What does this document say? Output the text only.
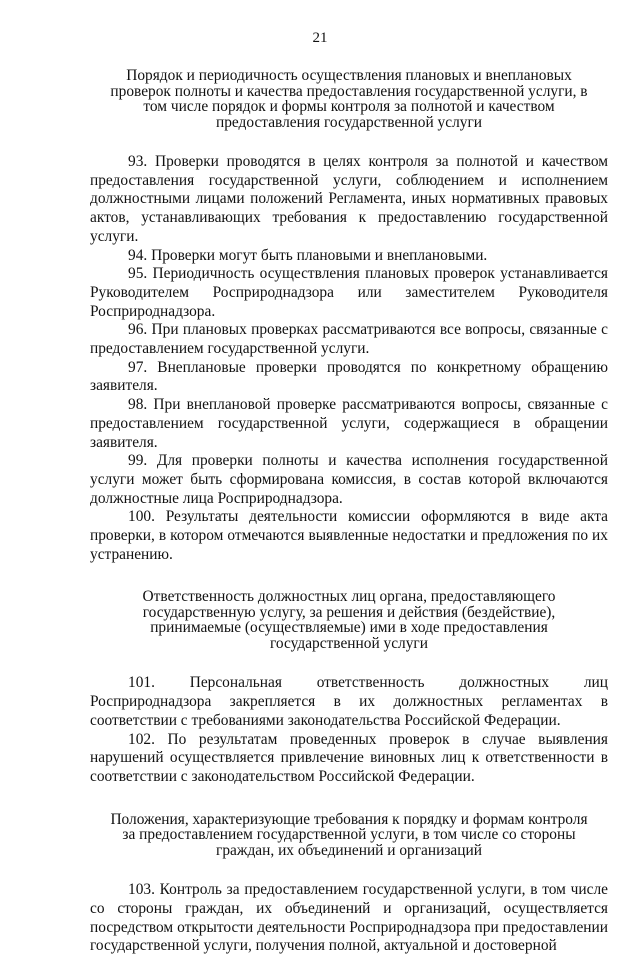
21
Порядок и периодичность осуществления плановых и внеплановых проверок полноты и качества предоставления государственной услуги, в том числе порядок и формы контроля за полнотой и качеством предоставления государственной услуги

93. Проверки проводятся в целях контроля за полнотой и качеством предоставления государственной услуги, соблюдением и исполнением должностными лицами положений Регламента, иных нормативных правовых актов, устанавливающих требования к предоставлению государственной услуги.

94. Проверки могут быть плановыми и внеплановыми.

95. Периодичность осуществления плановых проверок устанавливается Руководителем Росприроднадзора или заместителем Руководителя Росприроднадзора.

96. При плановых проверках рассматриваются все вопросы, связанные с предоставлением государственной услуги.

97. Внеплановые проверки проводятся по конкретному обращению заявителя.

98. При внеплановой проверке рассматриваются вопросы, связанные с предоставлением государственной услуги, содержащиеся в обращении заявителя.

99. Для проверки полноты и качества исполнения государственной услуги может быть сформирована комиссия, в состав которой включаются должностные лица Росприроднадзора.

100. Результаты деятельности комиссии оформляются в виде акта проверки, в котором отмечаются выявленные недостатки и предложения по их устранению.

Ответственность должностных лиц органа, предоставляющего государственную услугу, за решения и действия (бездействие), принимаемые (осуществляемые) ими в ходе предоставления государственной услуги

101. Персональная ответственность должностных лиц Росприроднадзора закрепляется в их должностных регламентах в соответствии с требованиями законодательства Российской Федерации.

102. По результатам проведенных проверок в случае выявления нарушений осуществляется привлечение виновных лиц к ответственности в соответствии с законодательством Российской Федерации.

Положения, характеризующие требования к порядку и формам контроля за предоставлением государственной услуги, в том числе со стороны граждан, их объединений и организаций

103. Контроль за предоставлением государственной услуги, в том числе со стороны граждан, их объединений и организаций, осуществляется посредством открытости деятельности Росприроднадзора при предоставлении государственной услуги, получения полной, актуальной и достоверной
